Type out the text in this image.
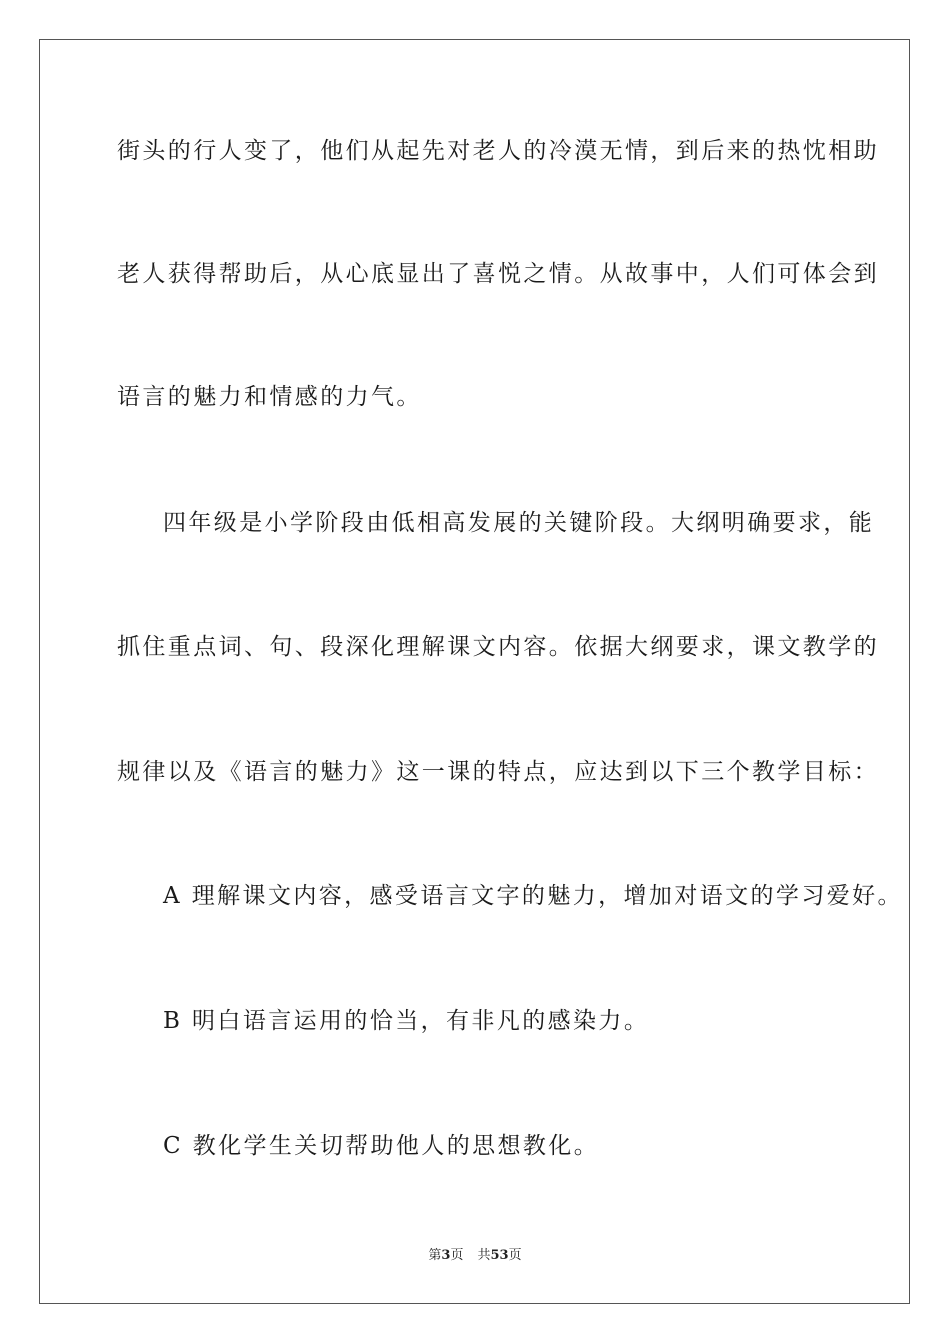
街头的行人变了，他们从起先对老人的冷漠无情，到后来的热忱相助
老人获得帮助后，从心底显出了喜悦之情。从故事中，人们可体会到
语言的魅力和情感的力气。
四年级是小学阶段由低相高发展的关键阶段。大纲明确要求，能
抓住重点词、句、段深化理解课文内容。依据大纲要求，课文教学的
规律以及《语言的魅力》这一课的特点，应达到以下三个教学目标：
A 理解课文内容，感受语言文字的魅力，增加对语文的学习爱好。
B 明白语言运用的恰当，有非凡的感染力。
C 教化学生关切帮助他人的思想教化。
第3页 共53页
